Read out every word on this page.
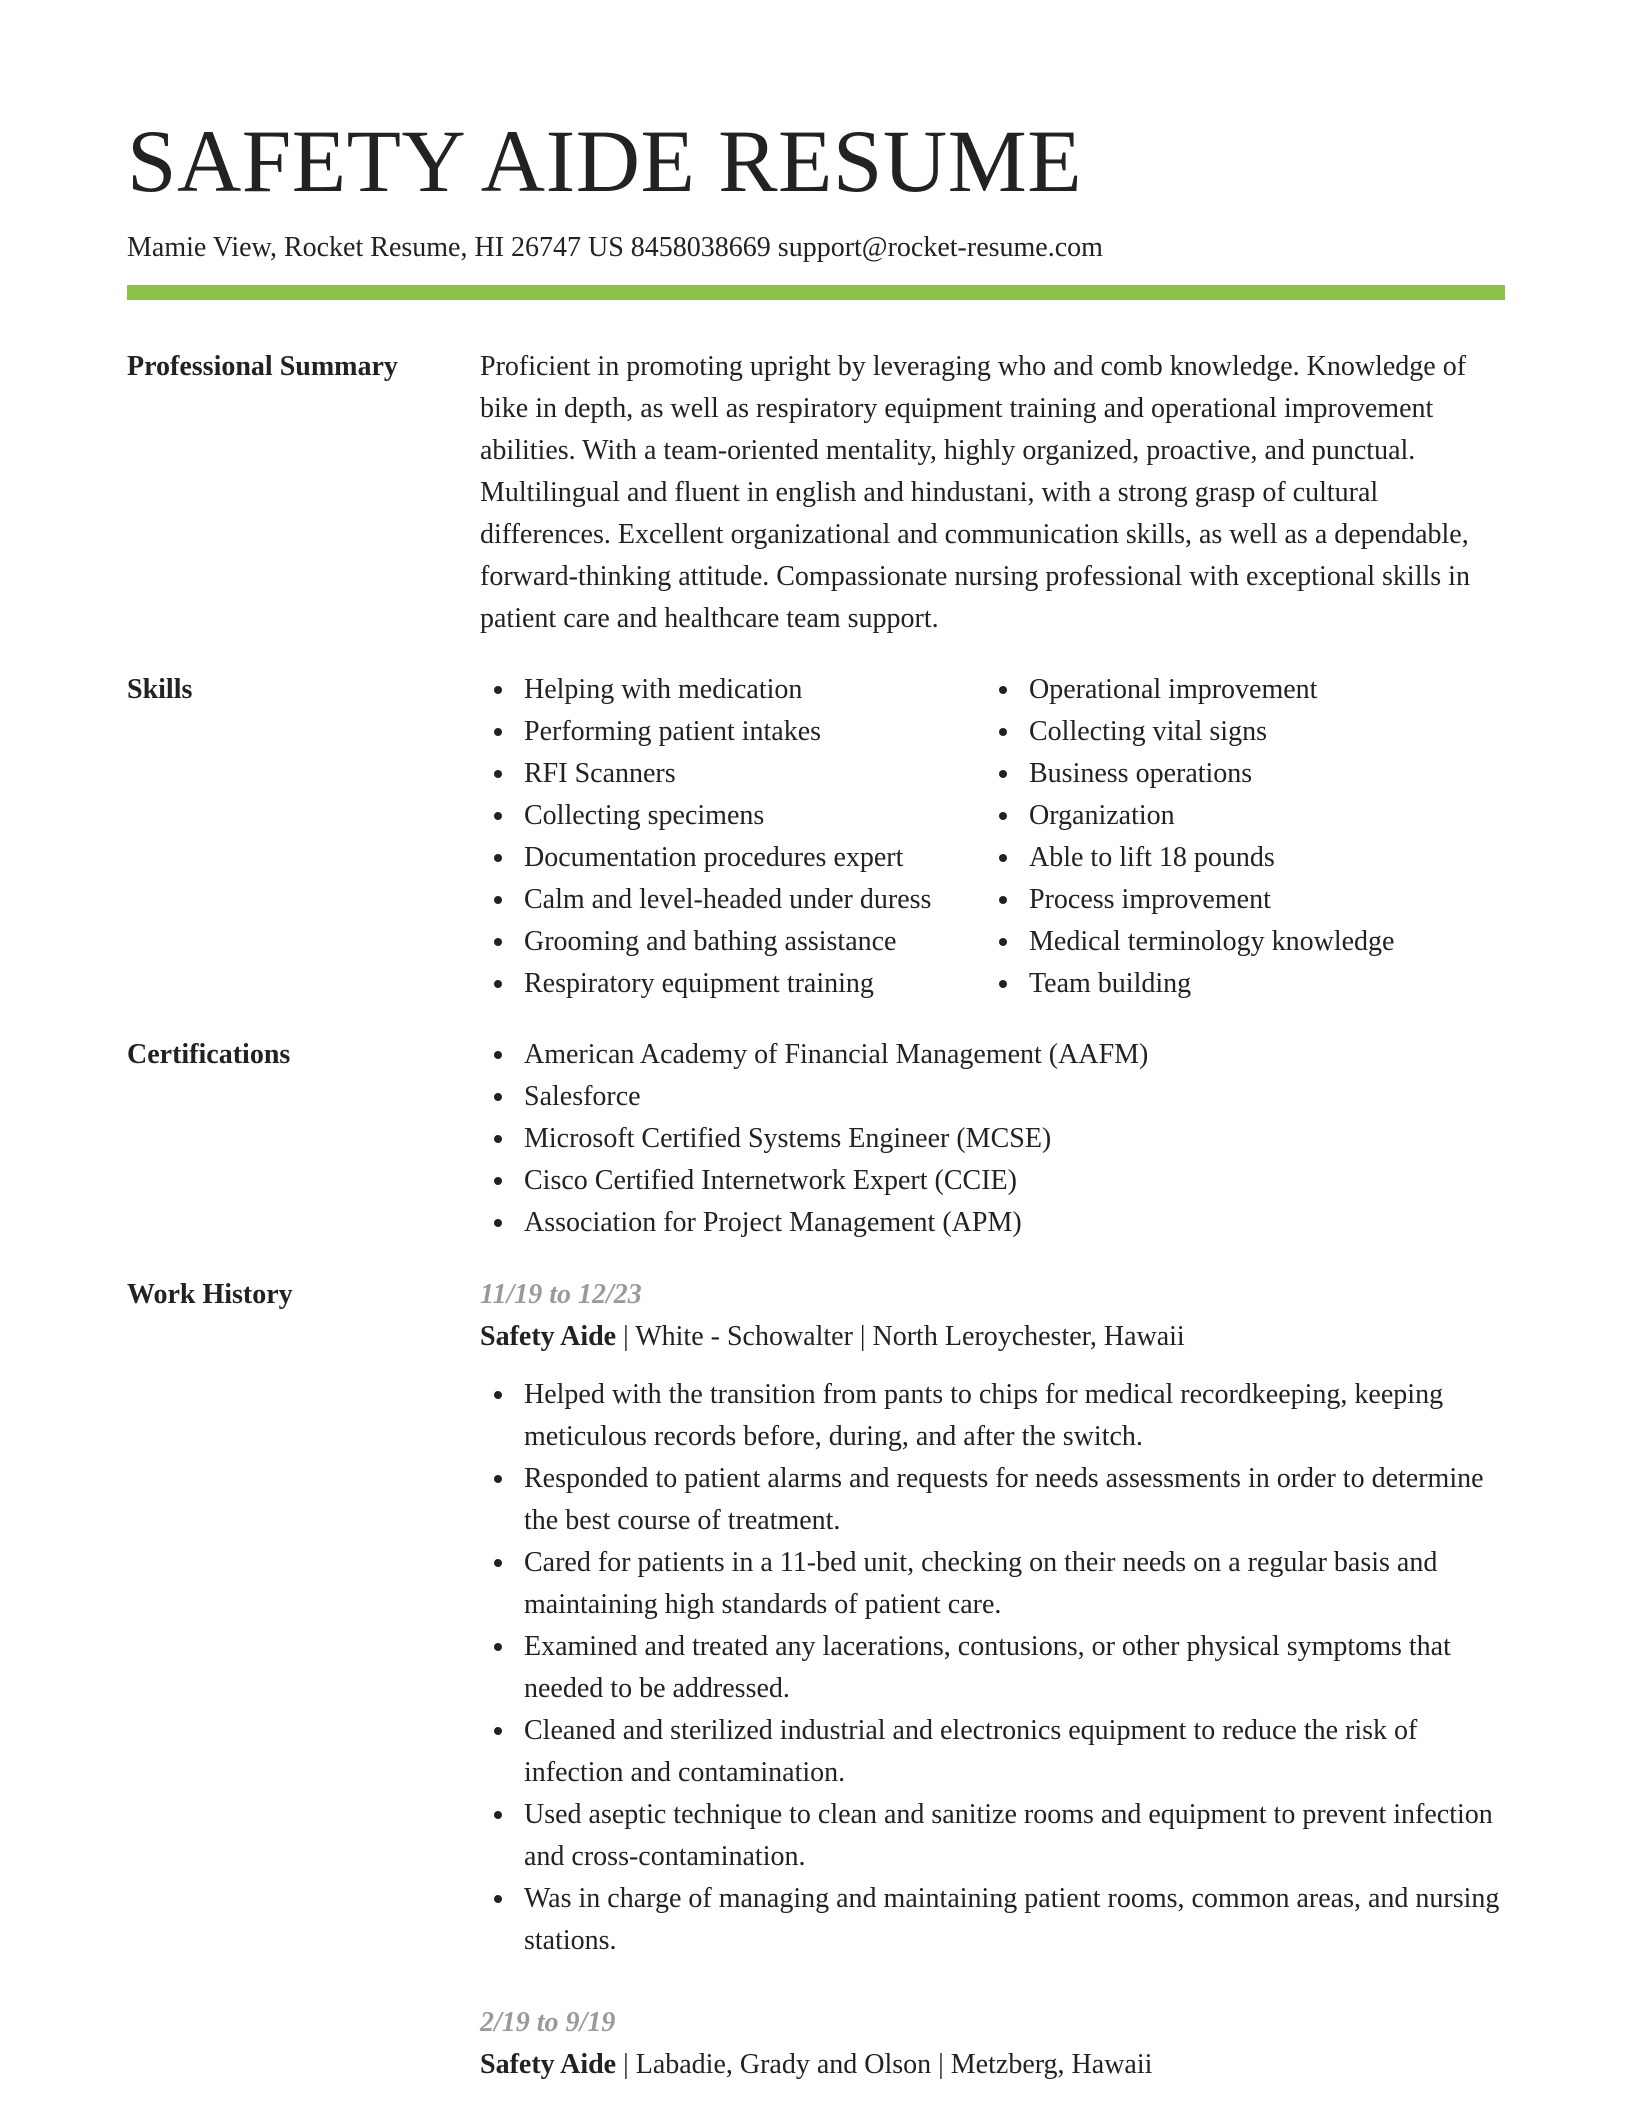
SAFETY AIDE RESUME
Mamie View, Rocket Resume, HI 26747 US 8458038669 support@rocket-resume.com
Professional Summary	Proficient in promoting upright by leveraging who and comb knowledge. Knowledge of bike in depth, as well as respiratory equipment training and operational improvement abilities. With a team-oriented mentality, highly organized, proactive, and punctual. Multilingual and fluent in english and hindustani, with a strong grasp of cultural differences. Excellent organizational and communication skills, as well as a dependable, forward-thinking attitude. Compassionate nursing professional with exceptional skills in patient care and healthcare team support.
Skills	Helping with medication
Performing patient intakes
RFI Scanners
Collecting specimens
Documentation procedures expert
Calm and level-headed under duress
Grooming and bathing assistance
Respiratory equipment training
Operational improvement
Collecting vital signs
Business operations
Organization
Able to lift 18 pounds
Process improvement
Medical terminology knowledge
Team building
Certifications	American Academy of Financial Management (AAFM)
Salesforce
Microsoft Certified Systems Engineer (MCSE)
Cisco Certified Internetwork Expert (CCIE)
Association for Project Management (APM)
Work History	11/19 to 12/23
Safety Aide | White - Schowalter | North Leroychester, Hawaii
Helped with the transition from pants to chips for medical recordkeeping, keeping meticulous records before, during, and after the switch.
Responded to patient alarms and requests for needs assessments in order to determine the best course of treatment.
Cared for patients in a 11-bed unit, checking on their needs on a regular basis and maintaining high standards of patient care.
Examined and treated any lacerations, contusions, or other physical symptoms that needed to be addressed.
Cleaned and sterilized industrial and electronics equipment to reduce the risk of infection and contamination.
Used aseptic technique to clean and sanitize rooms and equipment to prevent infection and cross-contamination.
Was in charge of managing and maintaining patient rooms, common areas, and nursing stations.
2/19 to 9/19
Safety Aide | Labadie, Grady and Olson | Metzberg, Hawaii
